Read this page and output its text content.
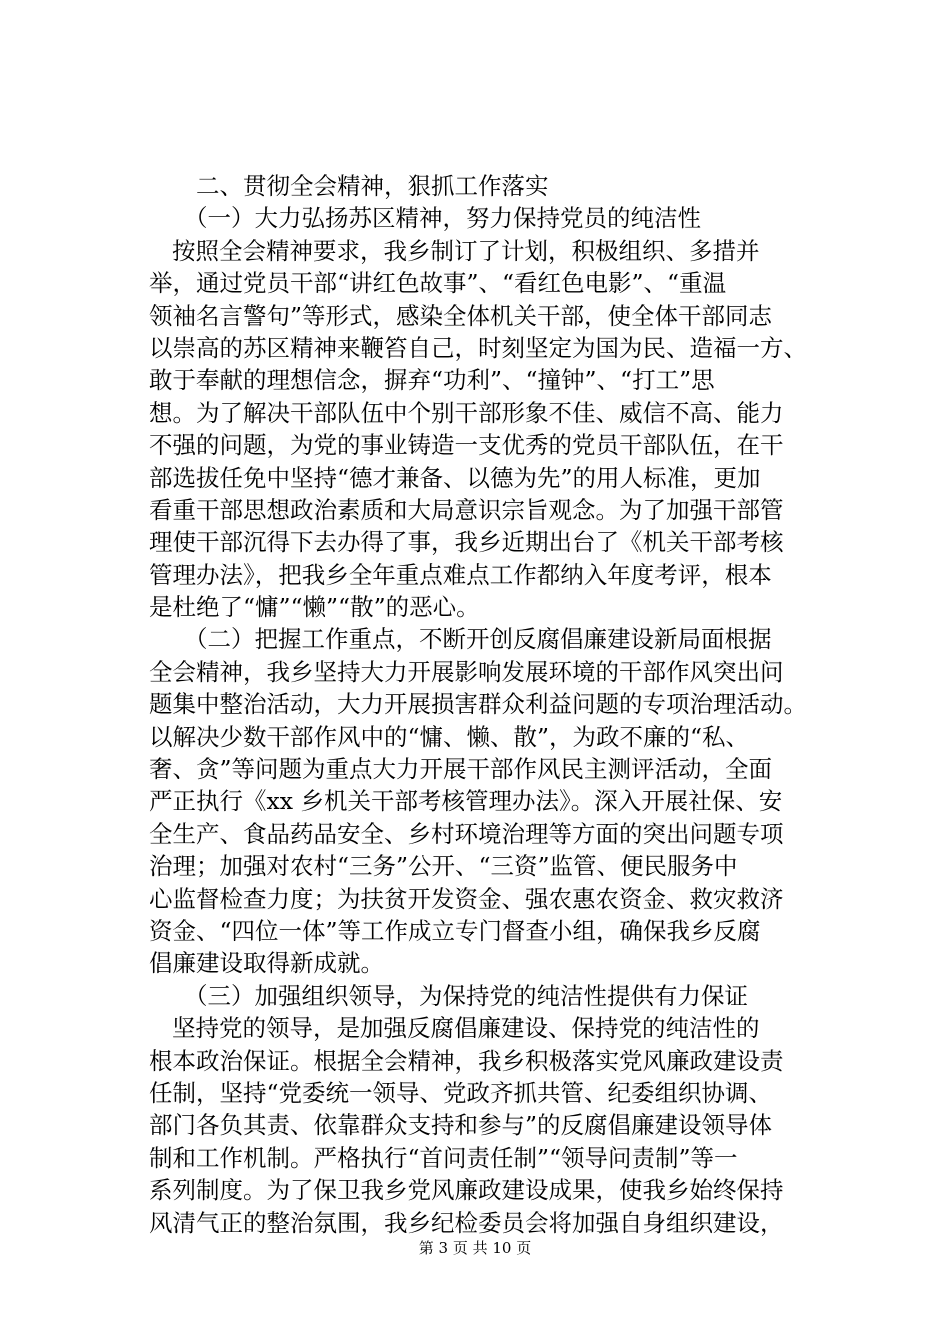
二、贯彻全会精神，狠抓工作落实
（一）大力弘扬苏区精神，努力保持党员的纯洁性
按照全会精神要求，我乡制订了计划，积极组织、多措并
举，通过党员干部“讲红色故事”、“看红色电影”、“重温
领袖名言警句”等形式，感染全体机关干部，使全体干部同志
以崇高的苏区精神来鞭笞自己，时刻坚定为国为民、造福一方、
敢于奉献的理想信念，摒弃“功利”、“撞钟”、“打工”思
想。为了解决干部队伍中个别干部形象不佳、威信不高、能力
不强的问题，为党的事业铸造一支优秀的党员干部队伍，在干
部选拔任免中坚持“德才兼备、以德为先”的用人标准，更加
看重干部思想政治素质和大局意识宗旨观念。为了加强干部管
理使干部沉得下去办得了事，我乡近期出台了《机关干部考核
管理办法》，把我乡全年重点难点工作都纳入年度考评，根本
是杜绝了“慵”“懒”“散”的恶心。
（二）把握工作重点，不断开创反腐倡廉建设新局面根据
全会精神，我乡坚持大力开展影响发展环境的干部作风突出问
题集中整治活动，大力开展损害群众利益问题的专项治理活动。
以解决少数干部作风中的“慵、懒、散”，为政不廉的“私、
奢、贪”等问题为重点大力开展干部作风民主测评活动，全面
严正执行《xx 乡机关干部考核管理办法》。深入开展社保、安
全生产、食品药品安全、乡村环境治理等方面的突出问题专项
治理；加强对农村“三务”公开、“三资”监管、便民服务中
心监督检查力度；为扶贫开发资金、强农惠农资金、救灾救济
资金、“四位一体”等工作成立专门督查小组，确保我乡反腐
倡廉建设取得新成就。
（三）加强组织领导，为保持党的纯洁性提供有力保证
坚持党的领导，是加强反腐倡廉建设、保持党的纯洁性的
根本政治保证。根据全会精神，我乡积极落实党风廉政建设责
任制，坚持“党委统一领导、党政齐抓共管、纪委组织协调、
部门各负其责、依靠群众支持和参与”的反腐倡廉建设领导体
制和工作机制。严格执行“首问责任制”“领导问责制”等一
系列制度。为了保卫我乡党风廉政建设成果，使我乡始终保持
风清气正的整治氛围，我乡纪检委员会将加强自身组织建设，
第 3 页 共 10 页
